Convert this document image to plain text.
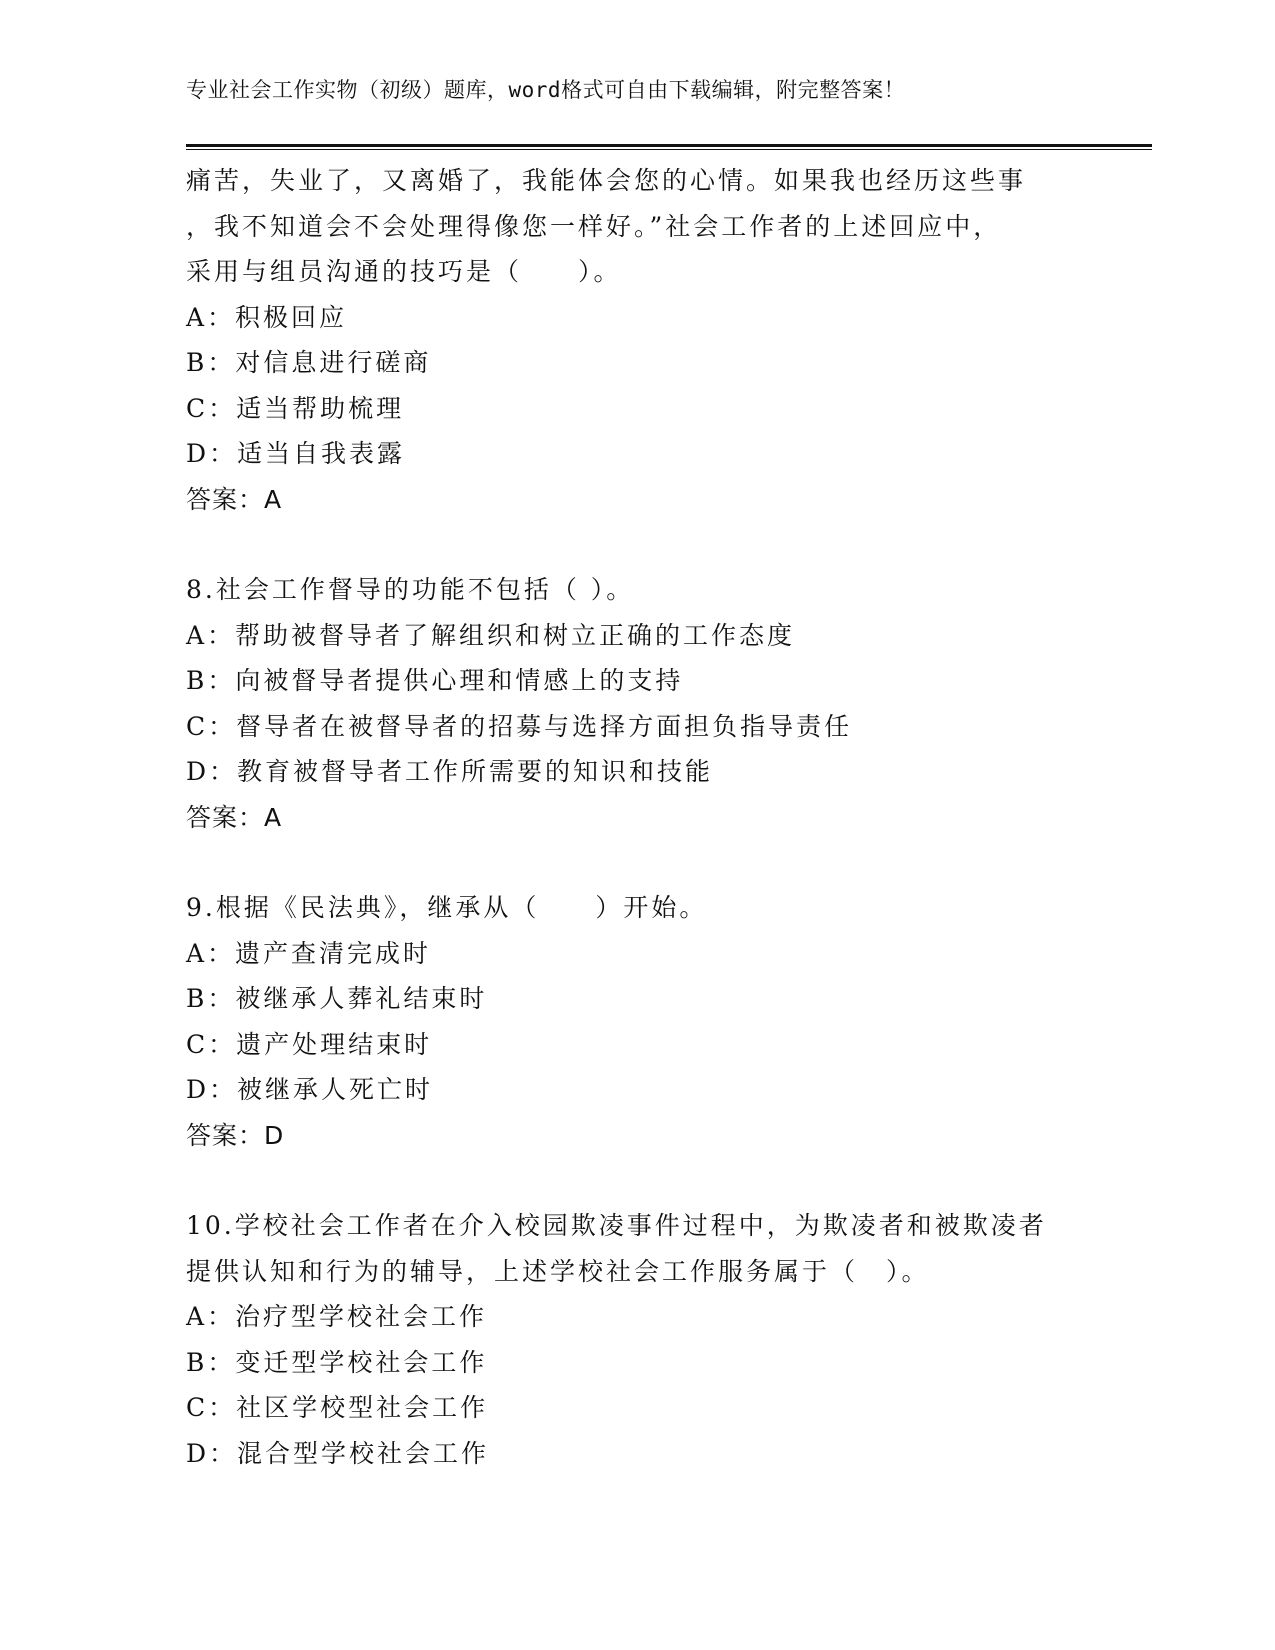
专业社会工作实物（初级）题库，word格式可自由下载编辑，附完整答案！
痛苦，失业了，又离婚了，我能体会您的心情。如果我也经历这些事
，我不知道会不会处理得像您一样好。”社会工作者的上述回应中，
采用与组员沟通的技巧是（　　）。
A：积极回应
B：对信息进行磋商
C：适当帮助梳理
D：适当自我表露
答案：A
8.社会工作督导的功能不包括（ ）。
A：帮助被督导者了解组织和树立正确的工作态度
B：向被督导者提供心理和情感上的支持
C：督导者在被督导者的招募与选择方面担负指导责任
D：教育被督导者工作所需要的知识和技能
答案：A
9.根据《民法典》，继承从（　　）开始。
A：遗产查清完成时
B：被继承人葬礼结束时
C：遗产处理结束时
D：被继承人死亡时
答案：D
10.学校社会工作者在介入校园欺凌事件过程中，为欺凌者和被欺凌者
提供认知和行为的辅导，上述学校社会工作服务属于（　）。
A：治疗型学校社会工作
B：变迁型学校社会工作
C：社区学校型社会工作
D：混合型学校社会工作
